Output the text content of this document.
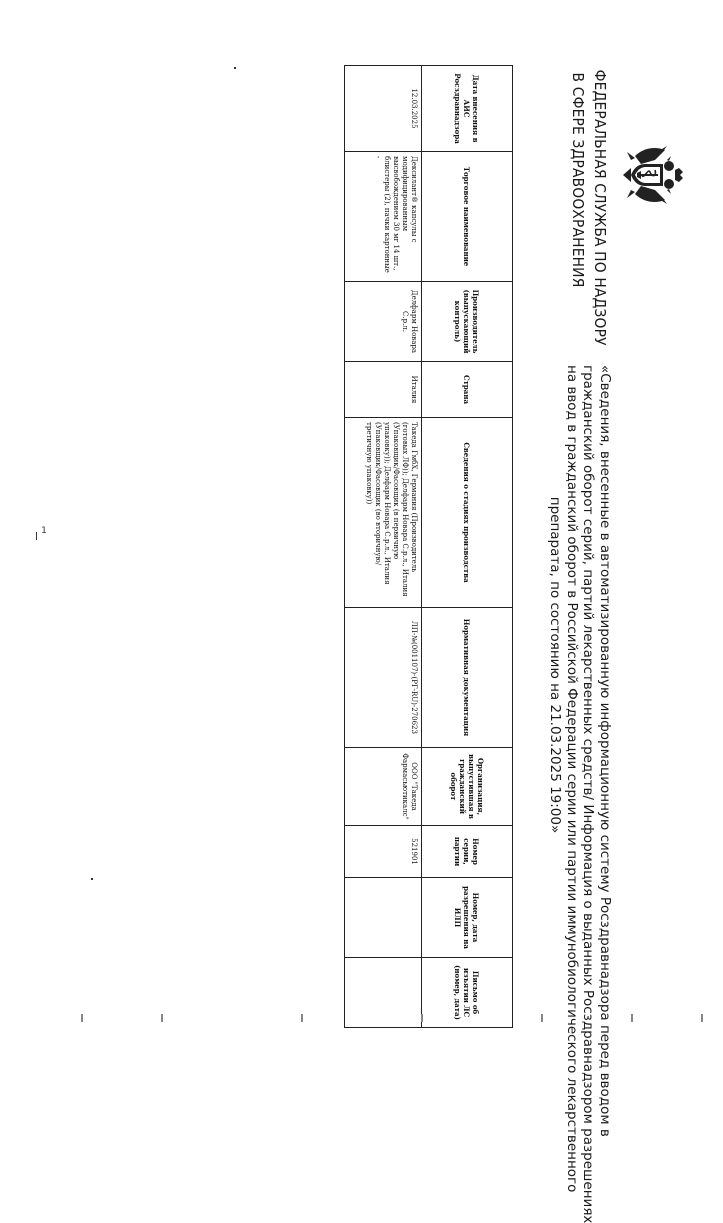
ФЕДЕРАЛЬНАЯ СЛУЖБА ПО НАДЗОРУ
В СФЕРЕ ЗДРАВООХРАНЕНИЯ
«Сведения, внесенные в автоматизированную информационную систему Росздравнадзора перед вводом в
гражданский оборот серий, партий лекарственных средств/ Информация о выданных Росздравнадзором разрешениях
на ввод в гражданский оборот в Российской Федерации серии или партии иммунобиологического лекарственного
препарата, по состоянию на 21.03.2025 19:00»
Дата внесения в АИС Росздравнадзора	Торговое наименование	Производитель (выпускающий контроль)	Страна	Сведения о стадиях производства	Нормативная документация	Организация, выпустившая в гражданский оборот	Номер серии, партии	Номер, дата разрешения на ИЛП	Письмо об изъятии ЛС (номер, дата)
12.03.2025	Дексилант® капсулы с модифицированным высвобождением 30 мг 14 шт., блистеры (2), пачки картонные -	Делфарм Новара С.р.л.	Италия	Такеда ГмбХ, Германия (Производитель (готовых ЛФ)); Делфарм Новара С.р.л., Италия (Упаковщик/Фасовщик (в первичную упаковку)); Делфарм Новара С.р.л., Италия (Упаковщик/Фасовщик (во вторичную/третичную упаковку))	ЛП-№(001107)-(РГ-RU)-270623	ООО "Такеда Фармасьютикалс"	521901		
1
